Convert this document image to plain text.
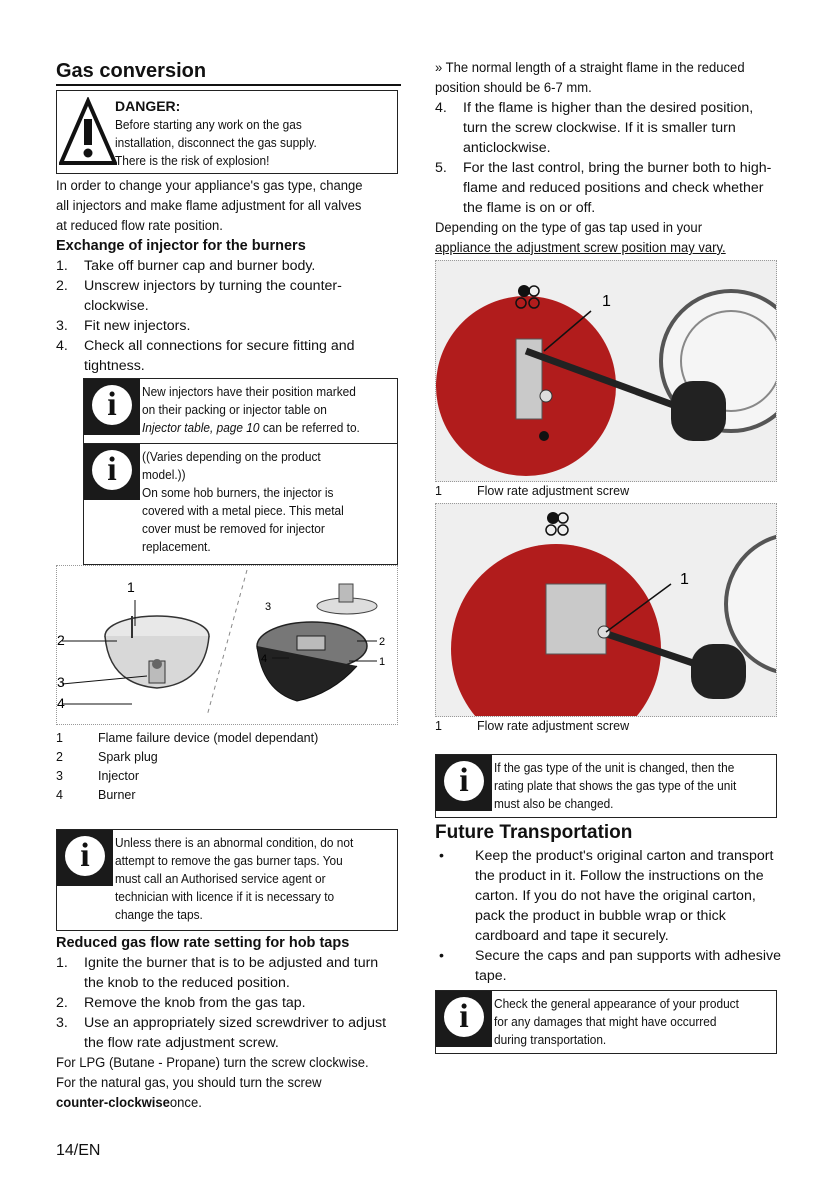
Gas conversion
DANGER:
Before starting any work on the gas
installation, disconnect the gas supply.
There is the risk of explosion!

In order to change your appliance's gas type, change

all injectors and make flame adjustment for all valves

at reduced flow rate position.

Exchange of injector for the burners
1.	Take off burner cap and burner body.
2.	Unscrew injectors by turning the counter-
clockwise.
3.	Fit new injectors.
4.	Check all connections for secure fitting and
tightness.
i	New injectors have their position marked
on their packing or injector table on
Injector table, page 10 can be referred to.
i	((Varies depending on the product
model.))
On some hob burners, the injector is
covered with a metal piece. This metal
cover must be removed for injector
replacement.
1
2
3
4
3
2
1
4
1	Flame failure device (model dependant)
2	Spark plug
3	Injector
4	Burner
i	Unless there is an abnormal condition, do not
attempt to remove the gas burner taps. You
must call an Authorised service agent or
technician with licence if it is necessary to
change the taps.
Reduced gas flow rate setting for hob taps
1.	Ignite the burner that is to be adjusted and turn
the knob to the reduced position.
2.	Remove the knob from the gas tap.
3.	Use an appropriately sized screwdriver to adjust
the flow rate adjustment screw.

For LPG (Butane - Propane) turn the screw clockwise.

For the natural gas, you should turn the screw

counter-clockwiseonce.

» The normal length of a straight flame in the reduced

position should be 6-7 mm.

4.	If the flame is higher than the desired position,
turn the screw clockwise. If it is smaller turn
anticlockwise.
5.	For the last control, bring the burner both to high-
flame and reduced positions and check whether
the flame is on or off.

Depending on the type of gas tap used in your

appliance the adjustment screw position may vary.

1
1	Flow rate adjustment screw
1
1	Flow rate adjustment screw
i	If the gas type of the unit is changed, then the
rating plate that shows the gas type of the unit
must also be changed.
Future Transportation
•	Keep the product's original carton and transport
the product in it. Follow the instructions on the
carton. If you do not have the original carton,
pack the product in bubble wrap or thick
cardboard and tape it securely.
•	Secure the caps and pan supports with adhesive
tape.
i	Check the general appearance of your product
for any damages that might have occurred
during transportation.
14/EN
